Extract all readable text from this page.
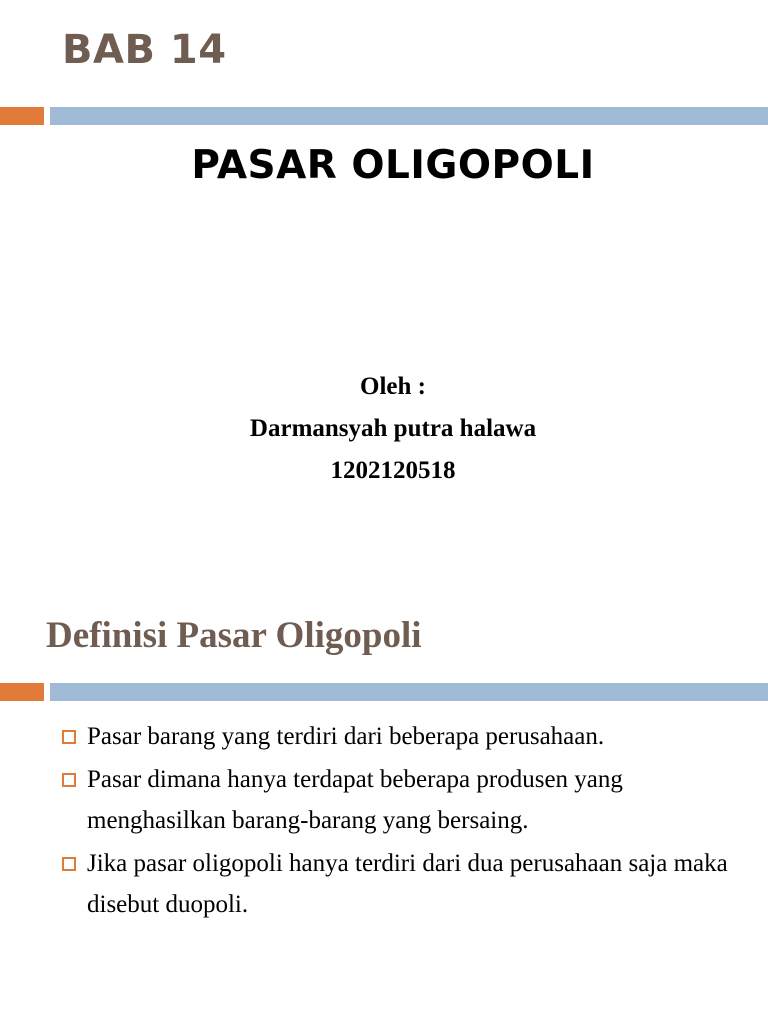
BAB 14
PASAR OLIGOPOLI
Oleh :
Darmansyah putra halawa
1202120518
Definisi Pasar Oligopoli
Pasar barang yang terdiri dari beberapa perusahaan.
Pasar dimana hanya terdapat beberapa produsen yang menghasilkan barang-barang yang bersaing.
Jika pasar oligopoli hanya terdiri dari dua perusahaan saja maka disebut duopoli.
